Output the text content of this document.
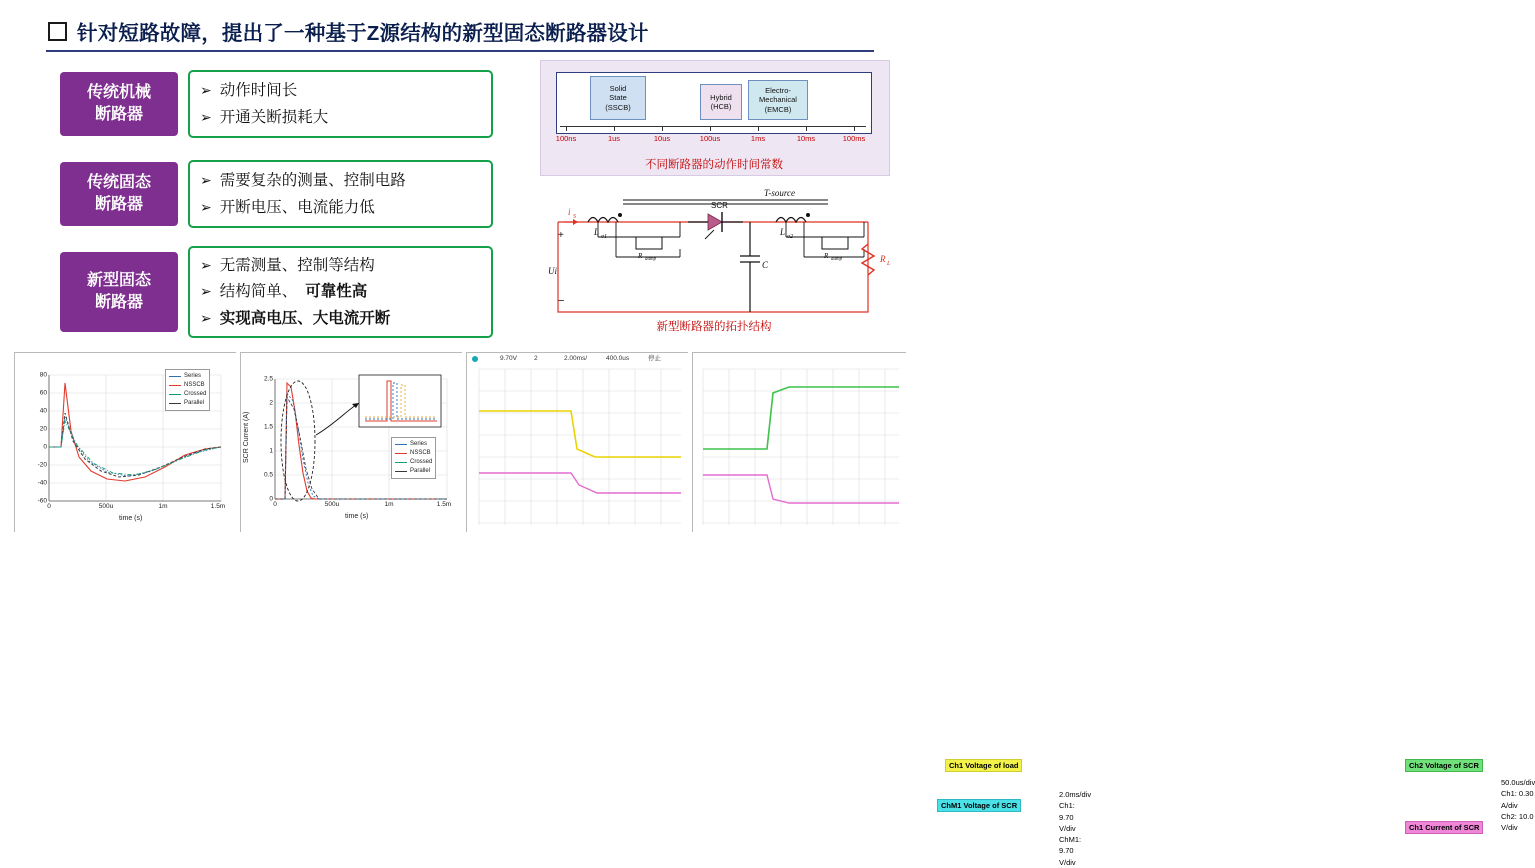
针对短路故障，提出了一种基于Z源结构的新型固态断路器设计
传统机械
断路器
➢ 动作时间长
➢ 开通关断损耗大
传统固态
断路器
➢ 需要复杂的测量、控制电路
➢ 开断电压、电流能力低
新型固态
断路器
➢ 无需测量、控制等结构
➢ 结构简单、 可靠性高
➢ 实现高电压、大电流开断
Solid
State
(SSCB)
Hybrid
(HCB)
Electro-
Mechanical
(EMCB)
100ns	1us	10us	100us	1ms	10ms	100ms
不同断路器的动作时间常数
i S
+
−
Ui
L σ1	L σ2
R damp	R damp
SCR
T-source
C
R L
新型断路器的拓扑结构
Series
NSSCB
Crossed
Parallel
0	500u	1m	1.5m
80
60
40
20
0
-20
-40
-60
time (s)
Series
NSSCB
Crossed
Parallel
0	500u	1m	1.5m
2.5
2
1.5
1
0.5
0
time (s)
SCR Current (A)
Ch1 Voltage of load
ChM1 Voltage of SCR
2.0ms/div
Ch1: 9.70 V/div
ChM1: 9.70 V/div
Ch2 Voltage of SCR
Ch1 Current of SCR
50.0us/div
Ch1: 0.30 A/div
Ch2: 10.0 V/div
9.70V	2	2.00ms/	400.0us	停止
